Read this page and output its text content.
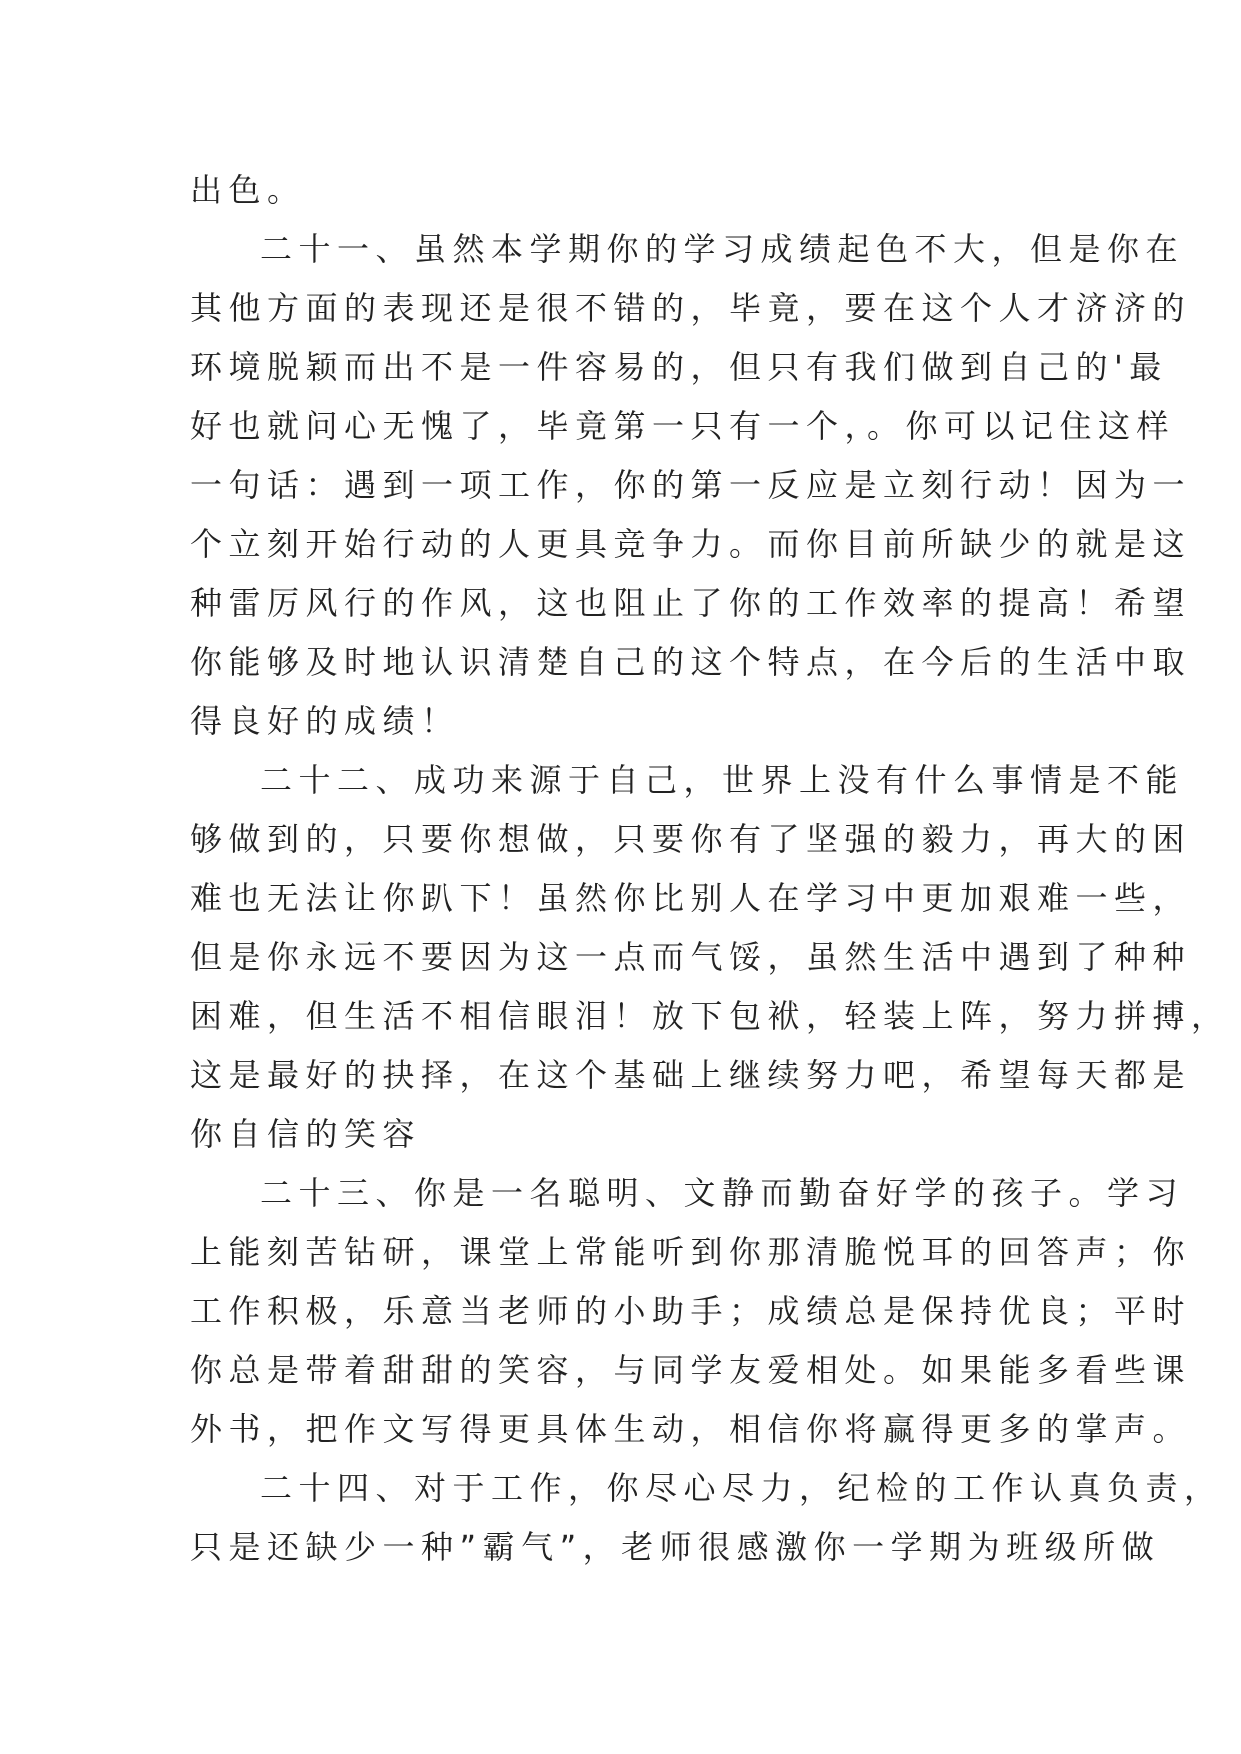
出色。
二十一、虽然本学期你的学习成绩起色不大，但是你在
其他方面的表现还是很不错的，毕竟，要在这个人才济济的
环境脱颖而出不是一件容易的，但只有我们做到自己的'最
好也就问心无愧了，毕竟第一只有一个，。你可以记住这样
一句话：遇到一项工作，你的第一反应是立刻行动！因为一
个立刻开始行动的人更具竞争力。而你目前所缺少的就是这
种雷厉风行的作风，这也阻止了你的工作效率的提高！希望
你能够及时地认识清楚自己的这个特点，在今后的生活中取
得良好的成绩！
二十二、成功来源于自己，世界上没有什么事情是不能
够做到的，只要你想做，只要你有了坚强的毅力，再大的困
难也无法让你趴下！虽然你比别人在学习中更加艰难一些，
但是你永远不要因为这一点而气馁，虽然生活中遇到了种种
困难，但生活不相信眼泪！放下包袱，轻装上阵，努力拼搏，
这是最好的抉择，在这个基础上继续努力吧，希望每天都是
你自信的笑容
二十三、你是一名聪明、文静而勤奋好学的孩子。学习
上能刻苦钻研，课堂上常能听到你那清脆悦耳的回答声；你
工作积极，乐意当老师的小助手；成绩总是保持优良；平时
你总是带着甜甜的笑容，与同学友爱相处。如果能多看些课
外书，把作文写得更具体生动，相信你将赢得更多的掌声。
二十四、对于工作，你尽心尽力，纪检的工作认真负责，
只是还缺少一种”霸气”，老师很感激你一学期为班级所做
